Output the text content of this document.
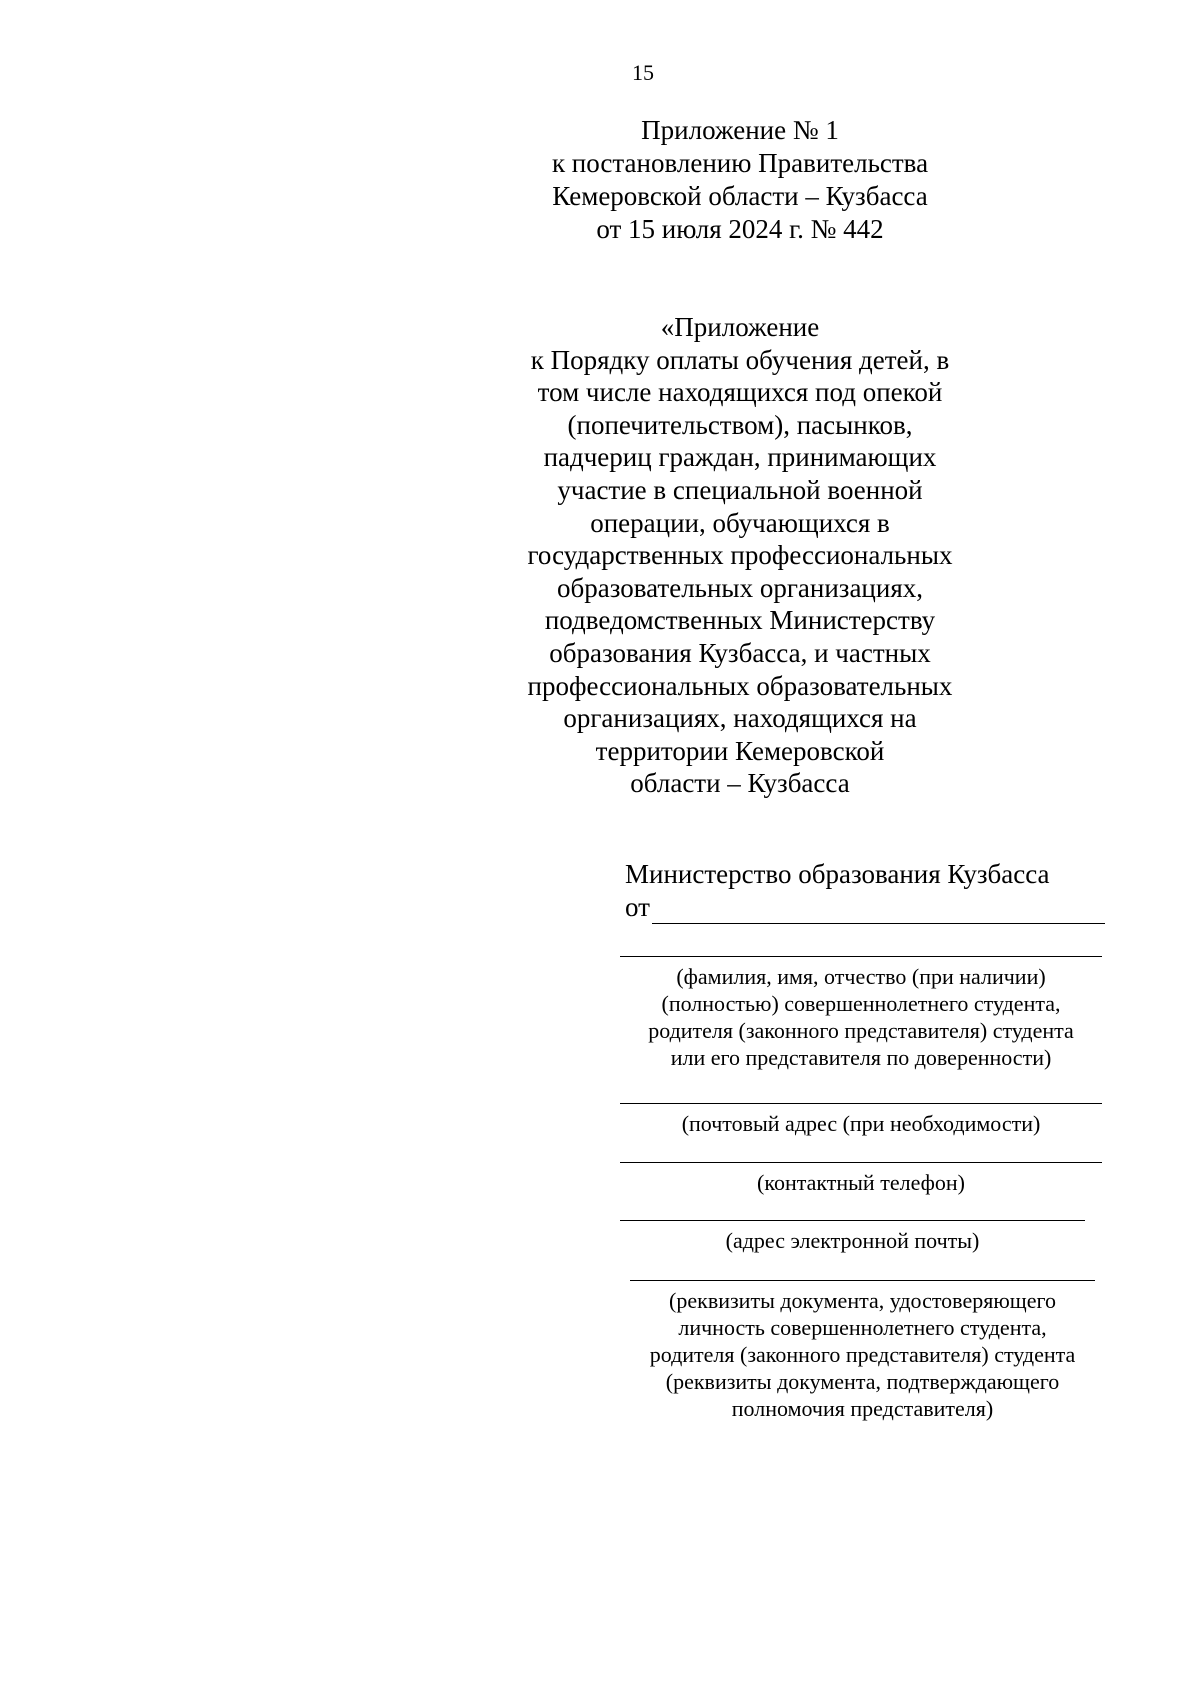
15
Приложение № 1
к постановлению Правительства
Кемеровской области – Кузбасса
от 15 июля 2024 г. № 442
«Приложение
к Порядку оплаты обучения детей, в
том числе находящихся под опекой
(попечительством), пасынков,
падчериц граждан, принимающих
участие в специальной военной
операции, обучающихся в
государственных профессиональных
образовательных организациях,
подведомственных Министерству
образования Кузбасса, и частных
профессиональных образовательных
организациях, находящихся на
территории Кемеровской
области – Кузбасса
Министерство образования Кузбасса
от
(фамилия, имя, отчество (при наличии)
(полностью) совершеннолетнего студента,
родителя (законного представителя) студента
или его представителя по доверенности)
(почтовый адрес (при необходимости)
(контактный телефон)
(адрес электронной почты)
(реквизиты документа, удостоверяющего
личность совершеннолетнего студента,
родителя (законного представителя) студента
(реквизиты документа, подтверждающего
полномочия представителя)
